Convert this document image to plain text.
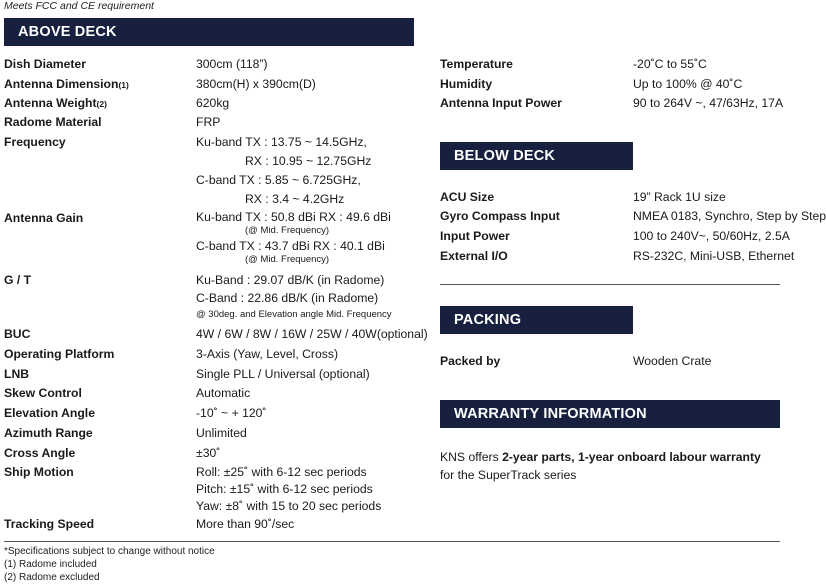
Meets FCC and CE requirement
ABOVE DECK
Dish Diameter	300cm (118”)
Antenna Dimension(1)	380cm(H) x 390cm(D)
Antenna Weight(2)	620kg
Radome Material	FRP
Frequency	Ku-band TX : 13.75 ~ 14.5GHz,
RX : 10.95 ~ 12.75GHz
C-band TX : 5.85 ~ 6.725GHz,
RX : 3.4 ~ 4.2GHz
Antenna Gain	Ku-band TX : 50.8 dBi RX : 49.6 dBi
(@ Mid. Frequency)
C-band TX : 43.7 dBi RX : 40.1 dBi
(@ Mid. Frequency)
G / T	Ku-Band : 29.07 dB/K (in Radome)
C-Band : 22.86 dB/K (in Radome)
@ 30deg. and Elevation angle Mid. Frequency
BUC	4W / 6W / 8W / 16W / 25W / 40W(optional)
Operating Platform	3-Axis (Yaw, Level, Cross)
LNB	Single PLL / Universal (optional)
Skew Control	Automatic
Elevation Angle	-10˚ ~ + 120˚
Azimuth Range	Unlimited
Cross Angle	±30˚
Ship Motion	Roll: ±25˚ with 6-12 sec periods
Pitch: ±15˚ with 6-12 sec periods
Yaw: ±8˚ with 15 to 20 sec periods
Tracking Speed	More than 90˚/sec
Temperature	-20˚C to 55˚C
Humidity	Up to 100% @ 40˚C
Antenna Input Power	90 to 264V ~, 47/63Hz, 17A
BELOW DECK
ACU Size	19” Rack 1U size
Gyro Compass Input	NMEA 0183, Synchro, Step by Step
Input Power	100 to 240V~, 50/60Hz, 2.5A
External I/O	RS-232C, Mini-USB, Ethernet
PACKING
Packed by	Wooden Crate
WARRANTY INFORMATION
KNS offers 2-year parts, 1-year onboard labour warranty
for the SuperTrack series
*Specifications subject to change without notice
(1) Radome included
(2) Radome excluded
